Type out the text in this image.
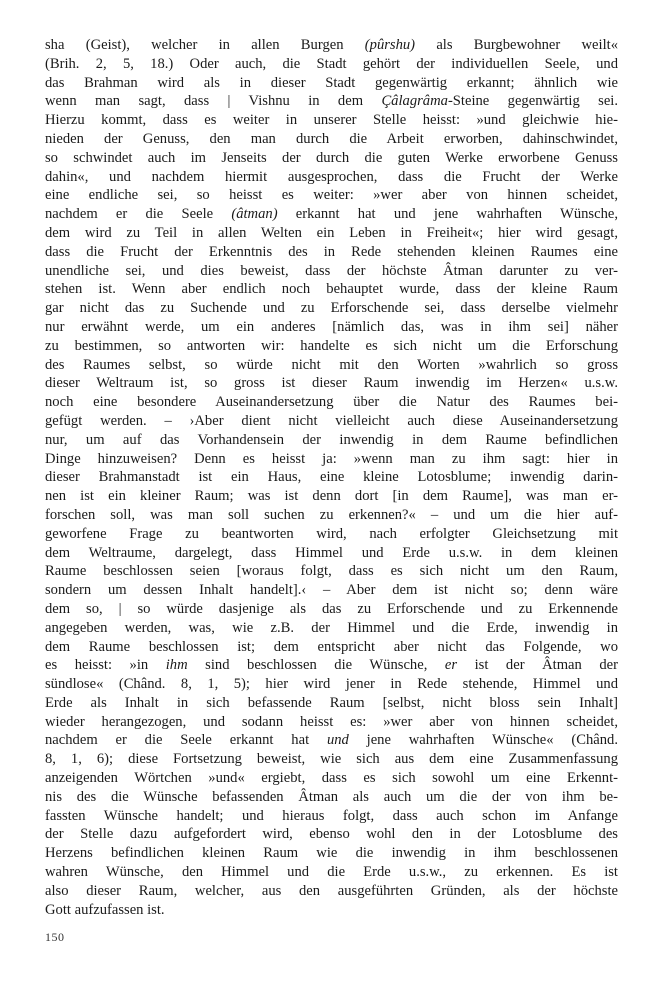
sha (Geist), welcher in allen Burgen (pûrshu) als Burgbewohner weilt«
(Brih. 2, 5, 18.) Oder auch, die Stadt gehört der individuellen Seele, und
das Brahman wird als in dieser Stadt gegenwärtig erkannt; ähnlich wie
wenn man sagt, dass | Vishnu in dem Çâlagrâma-Steine gegenwärtig sei.
Hierzu kommt, dass es weiter in unserer Stelle heisst: »und gleichwie hie-
nieden der Genuss, den man durch die Arbeit erworben, dahinschwindet,
so schwindet auch im Jenseits der durch die guten Werke erworbene Genuss
dahin«, und nachdem hiermit ausgesprochen, dass die Frucht der Werke
eine endliche sei, so heisst es weiter: »wer aber von hinnen scheidet,
nachdem er die Seele (âtman) erkannt hat und jene wahrhaften Wünsche,
dem wird zu Teil in allen Welten ein Leben in Freiheit«; hier wird gesagt,
dass die Frucht der Erkenntnis des in Rede stehenden kleinen Raumes eine
unendliche sei, und dies beweist, dass der höchste Âtman darunter zu ver-
stehen ist. Wenn aber endlich noch behauptet wurde, dass der kleine Raum
gar nicht das zu Suchende und zu Erforschende sei, dass derselbe vielmehr
nur erwähnt werde, um ein anderes [nämlich das, was in ihm sei] näher
zu bestimmen, so antworten wir: handelte es sich nicht um die Erforschung
des Raumes selbst, so würde nicht mit den Worten »wahrlich so gross
dieser Weltraum ist, so gross ist dieser Raum inwendig im Herzen« u.s.w.
noch eine besondere Auseinandersetzung über die Natur des Raumes bei-
gefügt werden. – ›Aber dient nicht vielleicht auch diese Auseinandersetzung
nur, um auf das Vorhandensein der inwendig in dem Raume befindlichen
Dinge hinzuweisen? Denn es heisst ja: »wenn man zu ihm sagt: hier in
dieser Brahmanstadt ist ein Haus, eine kleine Lotosblume; inwendig darin-
nen ist ein kleiner Raum; was ist denn dort [in dem Raume], was man er-
forschen soll, was man soll suchen zu erkennen?« – und um die hier auf-
geworfene Frage zu beantworten wird, nach erfolgter Gleichsetzung mit
dem Weltraume, dargelegt, dass Himmel und Erde u.s.w. in dem kleinen
Raume beschlossen seien [woraus folgt, dass es sich nicht um den Raum,
sondern um dessen Inhalt handelt].‹ – Aber dem ist nicht so; denn wäre
dem so, | so würde dasjenige als das zu Erforschende und zu Erkennende
angegeben werden, was, wie z.B. der Himmel und die Erde, inwendig in
dem Raume beschlossen ist; dem entspricht aber nicht das Folgende, wo
es heisst: »in ihm sind beschlossen die Wünsche, er ist der Âtman der
sündlose« (Chând. 8, 1, 5); hier wird jener in Rede stehende, Himmel und
Erde als Inhalt in sich befassende Raum [selbst, nicht bloss sein Inhalt]
wieder herangezogen, und sodann heisst es: »wer aber von hinnen scheidet,
nachdem er die Seele erkannt hat und jene wahrhaften Wünsche« (Chând.
8, 1, 6); diese Fortsetzung beweist, wie sich aus dem eine Zusammenfassung
anzeigenden Wörtchen »und« ergiebt, dass es sich sowohl um eine Erkennt-
nis des die Wünsche befassenden Âtman als auch um die der von ihm be-
fassten Wünsche handelt; und hieraus folgt, dass auch schon im Anfange
der Stelle dazu aufgefordert wird, ebenso wohl den in der Lotosblume des
Herzens befindlichen kleinen Raum wie die inwendig in ihm beschlossenen
wahren Wünsche, den Himmel und die Erde u.s.w., zu erkennen. Es ist
also dieser Raum, welcher, aus den ausgeführten Gründen, als der höchste
Gott aufzufassen ist.
150
